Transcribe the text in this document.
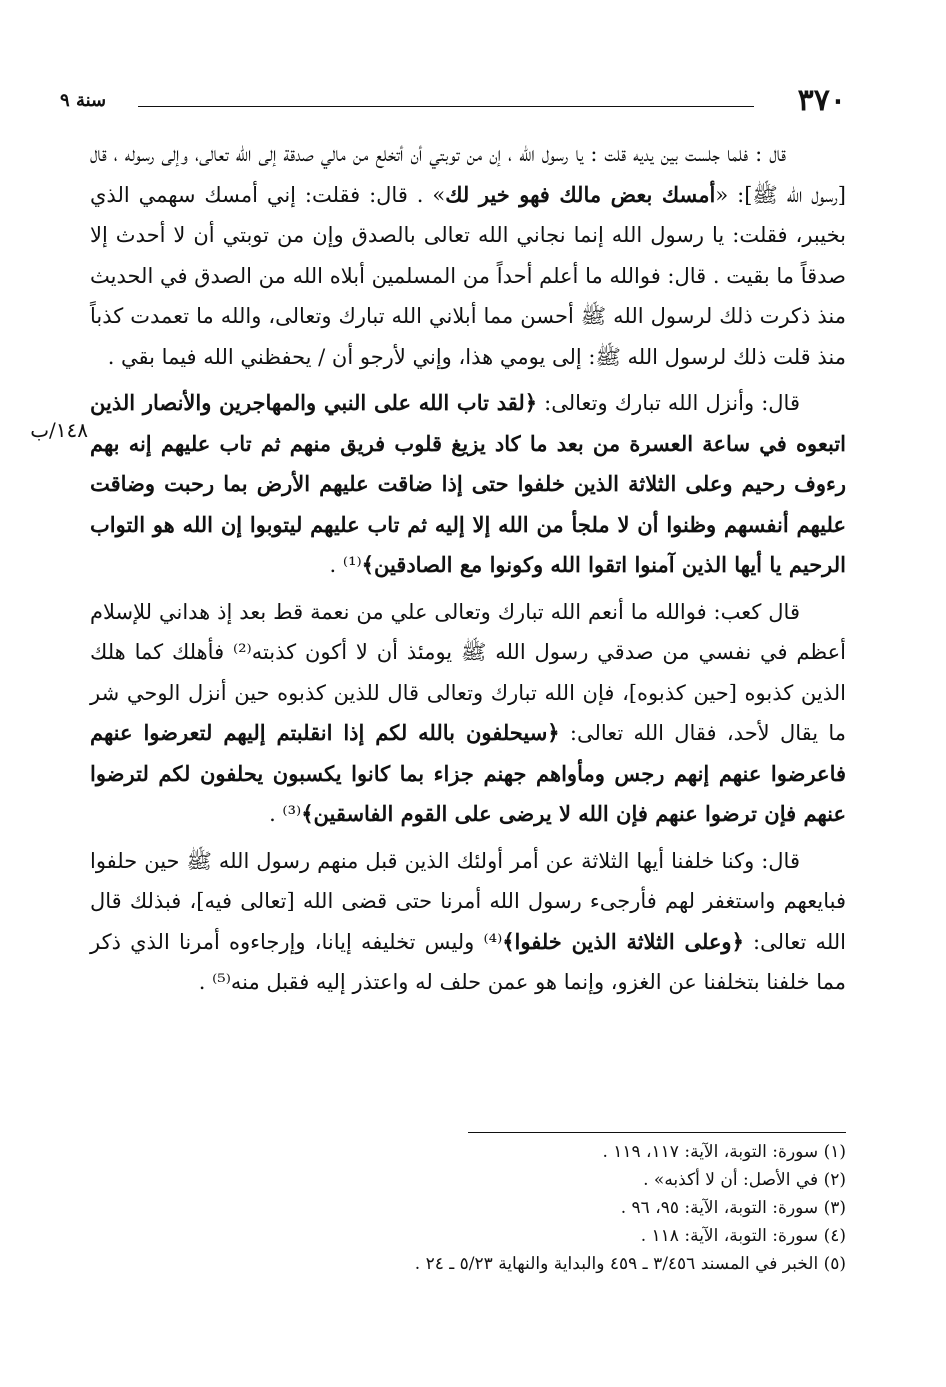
٣٧٠
سنة ٩

قال : فلما جلست بين يديه قلت : يا رسول الله ، إن من توبتي أن أتخلع من مالي صدقة إلى الله تعالى، وإلى رسوله ، قال [رسول الله ﷺ]: «أمسك بعض مالك فهو خير لك» . قال: فقلت: إني أمسك سهمي الذي بخيبر، فقلت: يا رسول الله إنما نجاني الله تعالى بالصدق وإن من توبتي أن لا أحدث إلا صدقاً ما بقيت . قال: فوالله ما أعلم أحداً من المسلمين أبلاه الله من الصدق في الحديث منذ ذكرت ذلك لرسول الله ﷺ أحسن مما أبلاني الله تبارك وتعالى، والله ما تعمدت كذباً منذ قلت ذلك لرسول الله ﷺ: إلى يومي هذا، وإني لأرجو أن / يحفظني الله فيما بقي .

قال: وأنزل الله تبارك وتعالى: ﴿لقد تاب الله على النبي والمهاجرين والأنصار الذين اتبعوه في ساعة العسرة من بعد ما كاد يزيغ قلوب فريق منهم ثم تاب عليهم إنه بهم رءوف رحيم وعلى الثلاثة الذين خلفوا حتى إذا ضاقت عليهم الأرض بما رحبت وضاقت عليهم أنفسهم وظنوا أن لا ملجأ من الله إلا إليه ثم تاب عليهم ليتوبوا إن الله هو التواب الرحيم يا أيها الذين آمنوا اتقوا الله وكونوا مع الصادقين﴾⁽¹⁾ .

قال كعب: فوالله ما أنعم الله تبارك وتعالى علي من نعمة قط بعد إذ هداني للإسلام أعظم في نفسي من صدقي رسول الله ﷺ يومئذ أن لا أكون كذبته⁽²⁾ فأهلك كما هلك الذين كذبوه [حين كذبوه]، فإن الله تبارك وتعالى قال للذين كذبوه حين أنزل الوحي شر ما يقال لأحد، فقال الله تعالى: ﴿سيحلفون بالله لكم إذا انقلبتم إليهم لتعرضوا عنهم فاعرضوا عنهم إنهم رجس ومأواهم جهنم جزاء بما كانوا يكسبون يحلفون لكم لترضوا عنهم فإن ترضوا عنهم فإن الله لا يرضى على القوم الفاسقين﴾⁽³⁾ .

قال: وكنا خلفنا أيها الثلاثة عن أمر أولئك الذين قبل منهم رسول الله ﷺ حين حلفوا فبايعهم واستغفر لهم فأرجىء رسول الله أمرنا حتى قضى الله [تعالى فيه]، فبذلك قال الله تعالى: ﴿وعلى الثلاثة الذين خلفوا﴾⁽⁴⁾ وليس تخليفه إيانا، وإرجاءوه أمرنا الذي ذكر مما خلفنا بتخلفنا عن الغزو، وإنما هو عمن حلف له واعتذر إليه فقبل منه⁽⁵⁾ .

١٤٨/ب

(١) سورة: التوبة، الآية: ١١٧، ١١٩ .

(٢) في الأصل: أن لا أكذبه» .

(٣) سورة: التوبة، الآية: ٩٥، ٩٦ .

(٤) سورة: التوبة، الآية: ١١٨ .

(٥) الخبر في المسند ٣/٤٥٦ ـ ٤٥٩ والبداية والنهاية ٥/٢٣ ـ ٢٤ .
